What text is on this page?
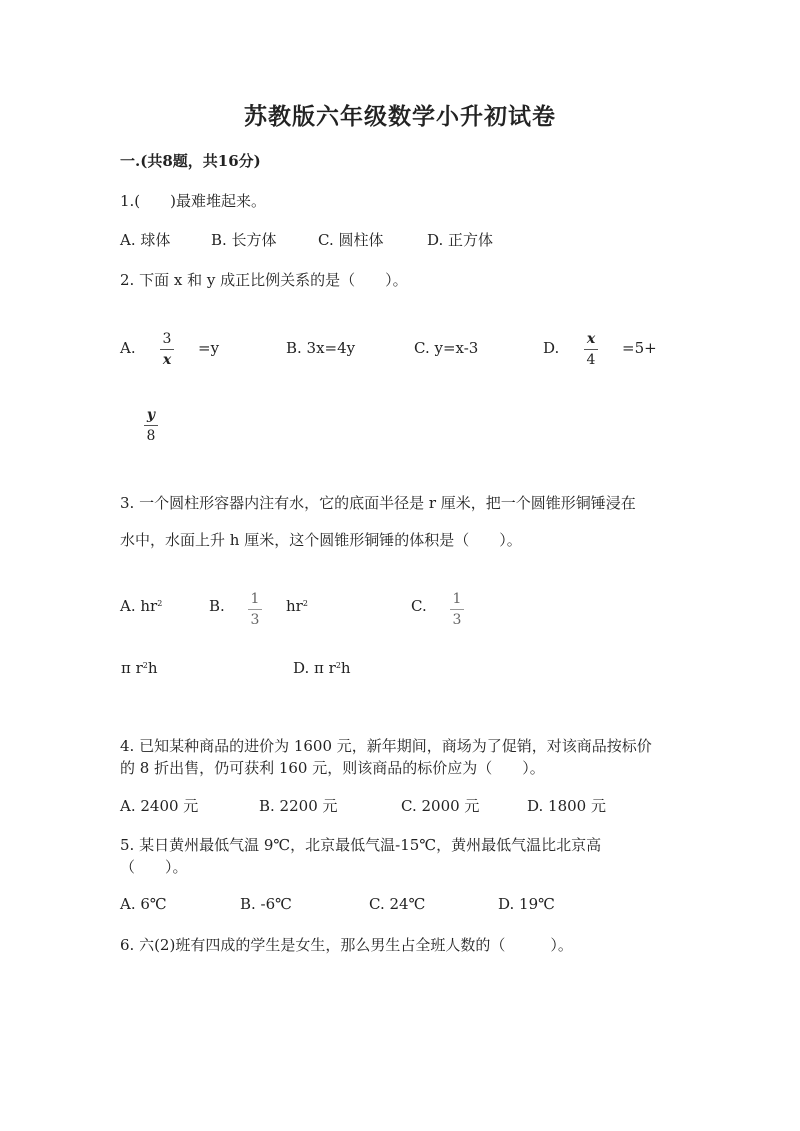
苏教版六年级数学小升初试卷
一.(共8题，共16分)
1.(　　)最难堆起来。
A. 球体	B. 长方体	C. 圆柱体	D. 正方体
2. 下面 x 和 y 成正比例关系的是（　　）。
A. 3
x
=y	B. 3x=4y	C. y=x-3	D. x
4
=5+
y
8
3. 一个圆柱形容器内注有水，它的底面半径是 r 厘米，把一个圆锥形铜锤浸在
水中，水面上升 h 厘米，这个圆锥形铜锤的体积是（　　）。
A. $hr^2$	B. 1
3
$hr^2$	C. 1
3
π $r^2h$	D. π $r^2h$
4. 已知某种商品的进价为 1600 元，新年期间，商场为了促销，对该商品按标价
的 8 折出售，仍可获利 160 元，则该商品的标价应为（　　）。
A. 2400 元	B. 2200 元	C. 2000 元	D. 1800 元
5. 某日黄州最低气温 9℃，北京最低气温-15℃，黄州最低气温比北京高
（　　）。
A. 6℃	B. -6℃	C. 24℃	D. 19℃
6. 六(2)班有四成的学生是女生，那么男生占全班人数的（　　　）。
